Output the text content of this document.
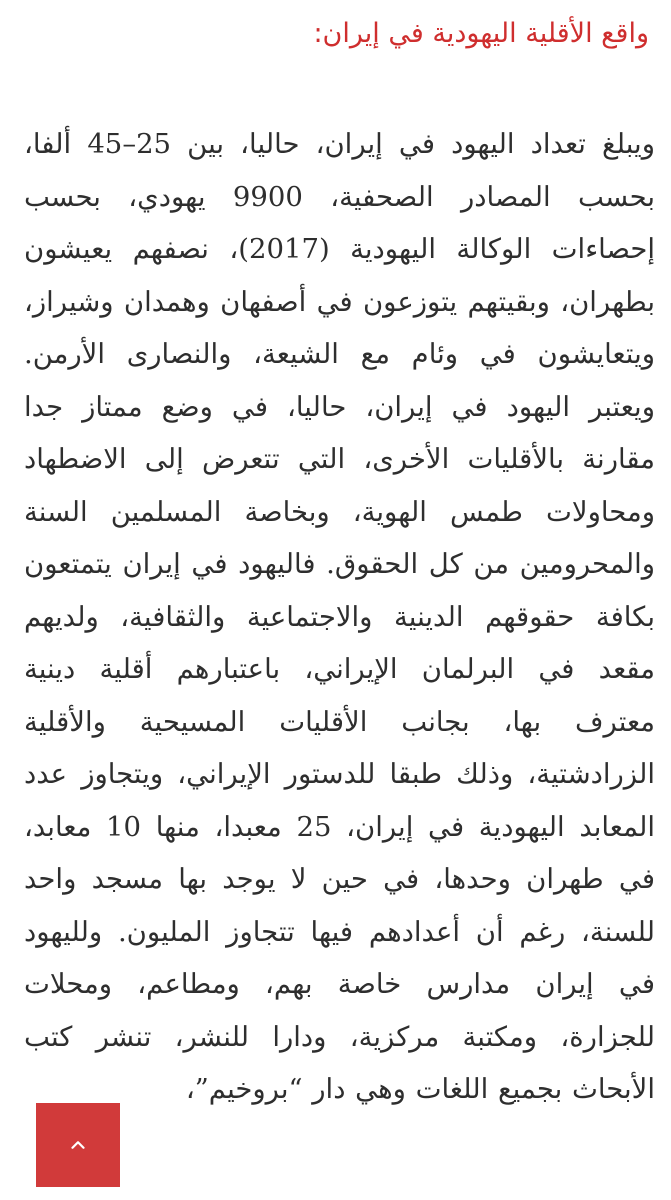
واقع الأقلية اليهودية في إيران:

ويبلغ تعداد اليهود في إيران، حاليا، بين 25–45 ألفا، بحسب المصادر الصحفية، 9900 يهودي، بحسب إحصاءات الوكالة اليهودية (2017)، نصفهم يعيشون بطهران، وبقيتهم يتوزعون في أصفهان وهمدان وشيراز، ويتعايشون في وئام مع الشيعة، والنصارى الأرمن. ويعتبر اليهود في إيران، حاليا، في وضع ممتاز جدا مقارنة بالأقليات الأخرى، التي تتعرض إلى الاضطهاد ومحاولات طمس الهوية، وبخاصة المسلمين السنة والمحرومين من كل الحقوق. فاليهود في إيران يتمتعون بكافة حقوقهم الدينية والاجتماعية والثقافية، ولديهم مقعد في البرلمان الإيراني، باعتبارهم أقلية دينية معترف بها، بجانب الأقليات المسيحية والأقلية الزرادشتية، وذلك طبقا للدستور الإيراني، ويتجاوز عدد المعابد اليهودية في إيران، 25 معبدا، منها 10 معابد، في طهران وحدها، في حين لا يوجد بها مسجد واحد للسنة، رغم أن أعدادهم فيها تتجاوز المليون. ولليهود في إيران مدارس خاصة بهم، ومطاعم، ومحلات للجزارة، ومكتبة مركزية، ودارا للنشر، تنشر كتب الأبحاث بجميع اللغات وهي دار “بروخيم”،
